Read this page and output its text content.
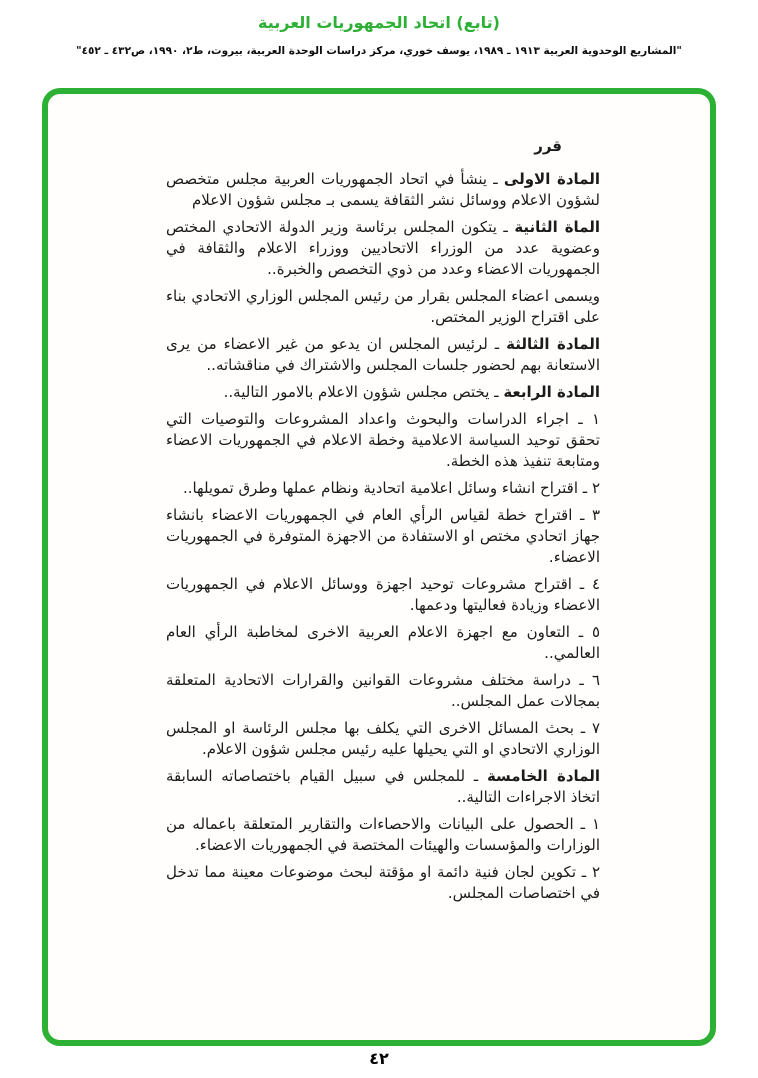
(تابع) اتحاد الجمهوريات العربية
"المشاريع الوحدوية العربية ١٩١٣ ـ ١٩٨٩، يوسف خوري، مركز دراسات الوحدة العربية، بيروت، ط٢، ١٩٩٠، ص٤٣٢ ـ ٤٥٢"

قرر

المادة الاولى ـ ينشأ في اتحاد الجمهوريات العربية مجلس متخصص لشؤون الاعلام ووسائل نشر الثقافة يسمى بـ مجلس شؤون الاعلام

الماة الثانية ـ يتكون المجلس برئاسة وزير الدولة الاتحادي المختص وعضوية عدد من الوزراء الاتحاديين ووزراء الاعلام والثقافة في الجمهوريات الاعضاء وعدد من ذوي التخصص والخبرة..

ويسمى اعضاء المجلس بقرار من رئيس المجلس الوزاري الاتحادي بناء على اقتراح الوزير المختص.

المادة الثالثة ـ لرئيس المجلس ان يدعو من غير الاعضاء من يرى الاستعانة بهم لحضور جلسات المجلس والاشتراك في مناقشاته..

المادة الرابعة ـ يختص مجلس شؤون الاعلام بالامور التالية..

١ ـ اجراء الدراسات والبحوث واعداد المشروعات والتوصيات التي تحقق توحيد السياسة الاعلامية وخطة الاعلام في الجمهوريات الاعضاء ومتابعة تنفيذ هذه الخطة.

٢ ـ اقتراح انشاء وسائل اعلامية اتحادية ونظام عملها وطرق تمويلها..

٣ ـ اقتراح خطة لقياس الرأي العام في الجمهوريات الاعضاء بانشاء جهاز اتحادي مختص او الاستفادة من الاجهزة المتوفرة في الجمهوريات الاعضاء.

٤ ـ اقتراح مشروعات توحيد اجهزة ووسائل الاعلام في الجمهوريات الاعضاء وزيادة فعاليتها ودعمها.

٥ ـ التعاون مع اجهزة الاعلام العربية الاخرى لمخاطبة الرأي العام العالمي..

٦ ـ دراسة مختلف مشروعات القوانين والقرارات الاتحادية المتعلقة بمجالات عمل المجلس..

٧ ـ بحث المسائل الاخرى التي يكلف بها مجلس الرئاسة او المجلس الوزاري الاتحادي او التي يحيلها عليه رئيس مجلس شؤون الاعلام.

المادة الخامسة ـ للمجلس في سبيل القيام باختصاصاته السابقة اتخاذ الاجراءات التالية..

١ ـ الحصول على البيانات والاحصاءات والتقارير المتعلقة باعماله من الوزارات والمؤسسات والهيئات المختصة في الجمهوريات الاعضاء.

٢ ـ تكوين لجان فنية دائمة او مؤقتة لبحث موضوعات معينة مما تدخل في اختصاصات المجلس.

٤٢
